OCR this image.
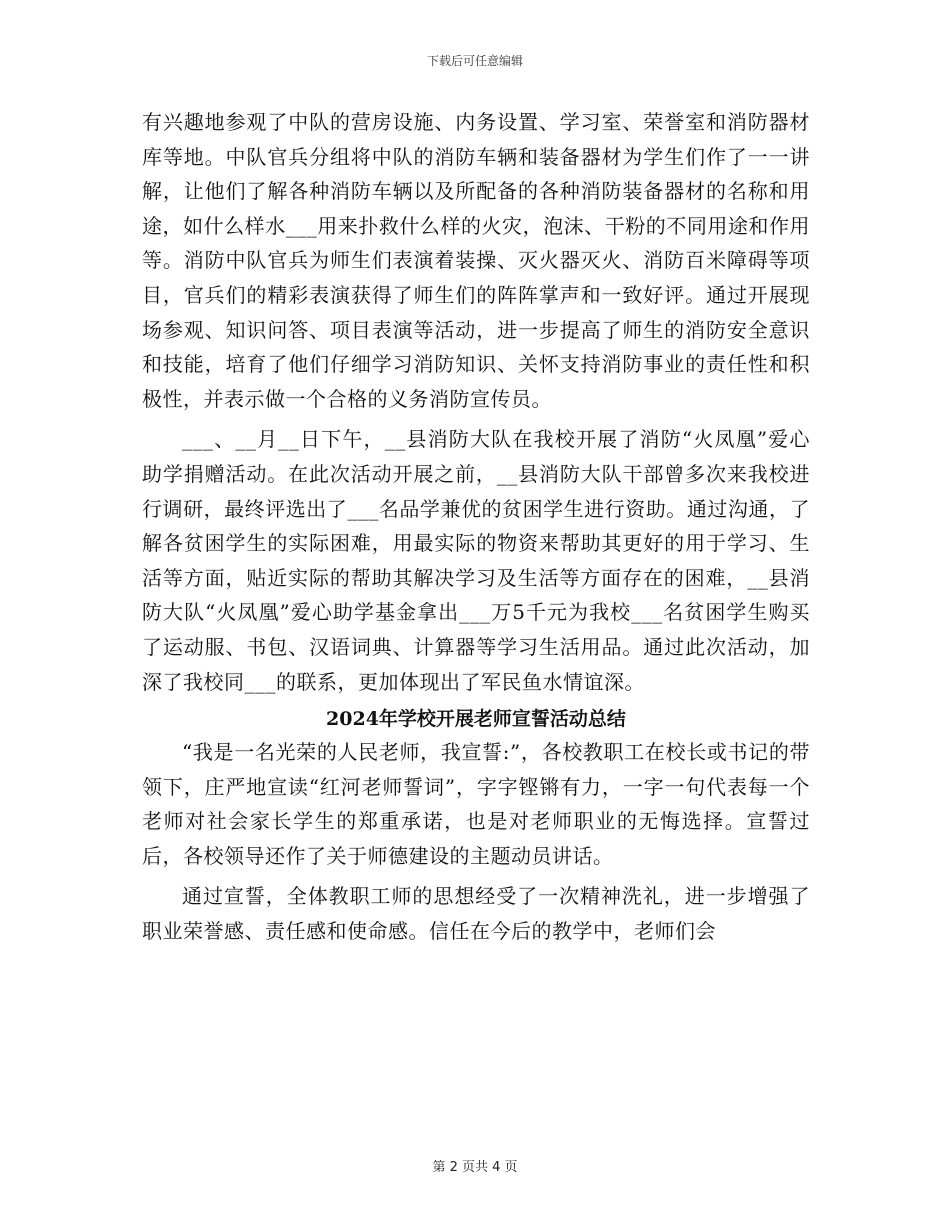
下载后可任意编辑

有兴趣地参观了中队的营房设施、内务设置、学习室、荣誉室和消防器材库等地。中队官兵分组将中队的消防车辆和装备器材为学生们作了一一讲解，让他们了解各种消防车辆以及所配备的各种消防装备器材的名称和用途，如什么样水___用来扑救什么样的火灾，泡沫、干粉的不同用途和作用等。消防中队官兵为师生们表演着装操、灭火器灭火、消防百米障碍等项目，官兵们的精彩表演获得了师生们的阵阵掌声和一致好评。通过开展现场参观、知识问答、项目表演等活动，进一步提高了师生的消防安全意识和技能，培育了他们仔细学习消防知识、关怀支持消防事业的责任性和积极性，并表示做一个合格的义务消防宣传员。

___、__月__日下午，__县消防大队在我校开展了消防“火凤凰”爱心助学捐赠活动。在此次活动开展之前，__县消防大队干部曾多次来我校进行调研，最终评选出了___名品学兼优的贫困学生进行资助。通过沟通，了解各贫困学生的实际困难，用最实际的物资来帮助其更好的用于学习、生活等方面，贴近实际的帮助其解决学习及生活等方面存在的困难，__县消防大队“火凤凰”爱心助学基金拿出___万5千元为我校___名贫困学生购买了运动服、书包、汉语词典、计算器等学习生活用品。通过此次活动，加深了我校同___的联系，更加体现出了军民鱼水情谊深。

2024年学校开展老师宣誓活动总结

“我是一名光荣的人民老师，我宣誓:”，各校教职工在校长或书记的带领下，庄严地宣读“红河老师誓词”，字字铿锵有力，一字一句代表每一个老师对社会家长学生的郑重承诺，也是对老师职业的无悔选择。宣誓过后，各校领导还作了关于师德建设的主题动员讲话。

通过宣誓，全体教职工师的思想经受了一次精神洗礼，进一步增强了职业荣誉感、责任感和使命感。信任在今后的教学中，老师们会

第 2 页共 4 页
